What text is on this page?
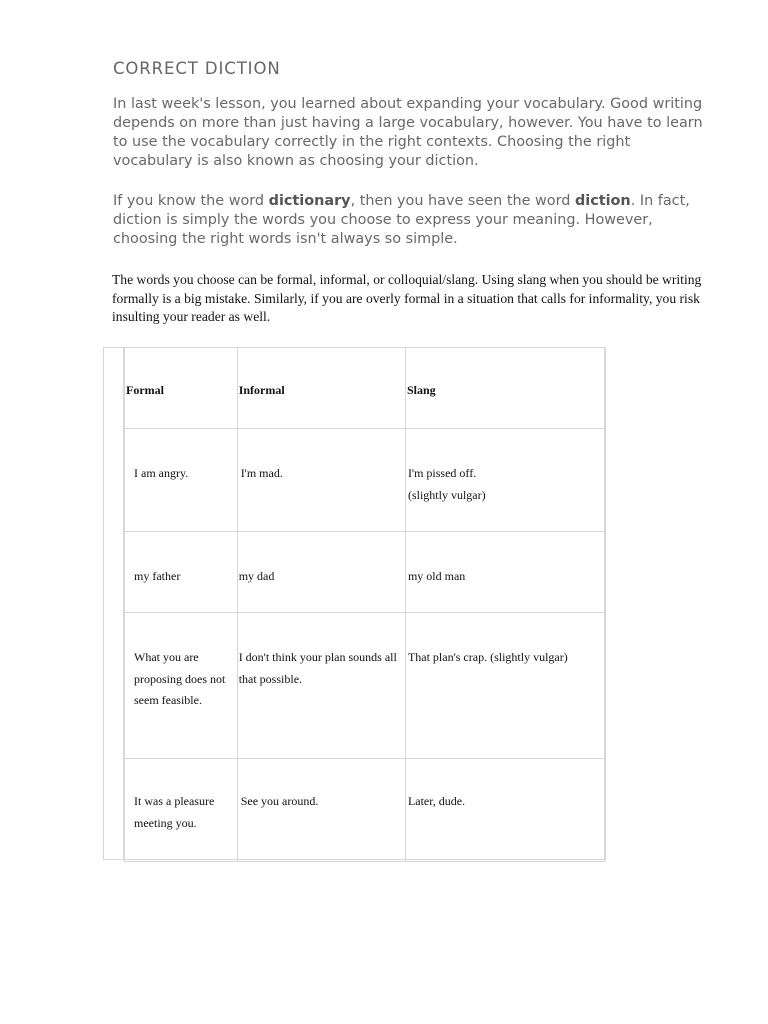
CORRECT DICTION

In last week's lesson, you learned about expanding your vocabulary. Good writing depends on more than just having a large vocabulary, however. You have to learn to use the vocabulary correctly in the right contexts. Choosing the right vocabulary is also known as choosing your diction.

If you know the word dictionary, then you have seen the word diction. In fact, diction is simply the words you choose to express your meaning. However, choosing the right words isn't always so simple.

The words you choose can be formal, informal, or colloquial/slang. Using slang when you should be writing formally is a big mistake. Similarly, if you are overly formal in a situation that calls for informality, you risk insulting your reader as well.

Formal	Informal	Slang

I am angry.	I'm mad.	I'm pissed off.
(slightly vulgar)

my father	my dad	my old man

What you are proposing does not seem feasible.	I don't think your plan sounds all that possible.	That plan's crap. (slightly vulgar)

It was a pleasure meeting you.	See you around.	Later, dude.
